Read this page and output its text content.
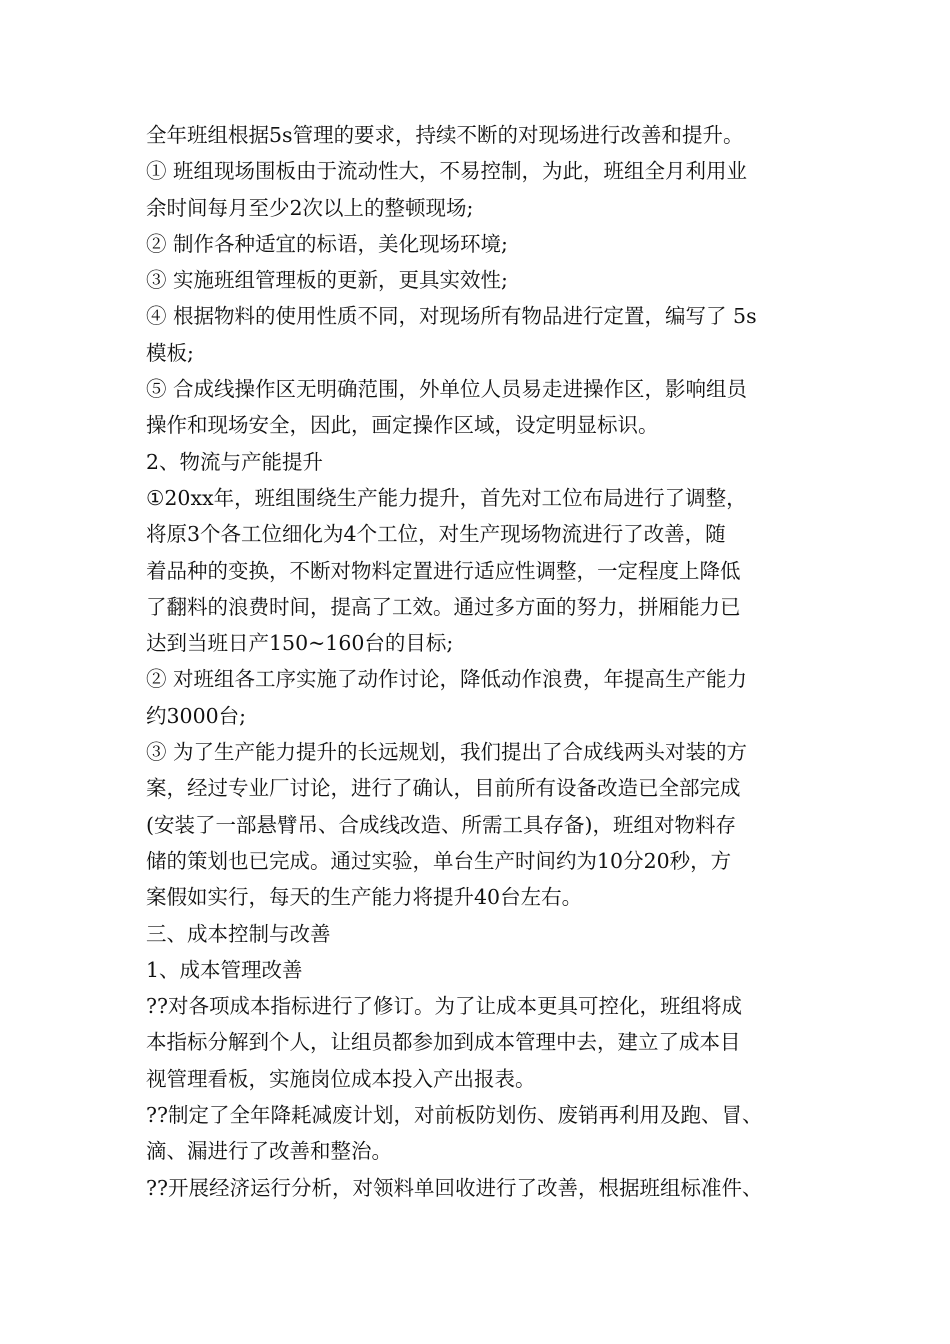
全年班组根据5s管理的要求，持续不断的对现场进行改善和提升。
① 班组现场围板由于流动性大，不易控制，为此，班组全月利用业
余时间每月至少2次以上的整顿现场;
② 制作各种适宜的标语，美化现场环境;
③ 实施班组管理板的更新，更具实效性;
④ 根据物料的使用性质不同，对现场所有物品进行定置，编写了 5s
模板;
⑤ 合成线操作区无明确范围，外单位人员易走进操作区，影响组员
操作和现场安全，因此，画定操作区域，设定明显标识。
2、物流与产能提升
①20xx年，班组围绕生产能力提升，首先对工位布局进行了调整，
将原3个各工位细化为4个工位，对生产现场物流进行了改善，随
着品种的变换，不断对物料定置进行适应性调整，一定程度上降低
了翻料的浪费时间，提高了工效。通过多方面的努力，拼厢能力已
达到当班日产150~160台的目标;
② 对班组各工序实施了动作讨论，降低动作浪费，年提高生产能力
约3000台;
③ 为了生产能力提升的长远规划，我们提出了合成线两头对装的方
案，经过专业厂讨论，进行了确认，目前所有设备改造已全部完成
(安装了一部悬臂吊、合成线改造、所需工具存备)，班组对物料存
储的策划也已完成。通过实验，单台生产时间约为10分20秒，方
案假如实行，每天的生产能力将提升40台左右。
三、成本控制与改善
1、成本管理改善
??对各项成本指标进行了修订。为了让成本更具可控化，班组将成
本指标分解到个人，让组员都参加到成本管理中去，建立了成本目
视管理看板，实施岗位成本投入产出报表。
??制定了全年降耗减废计划，对前板防划伤、废销再利用及跑、冒、
滴、漏进行了改善和整治。
??开展经济运行分析，对领料单回收进行了改善，根据班组标准件、
